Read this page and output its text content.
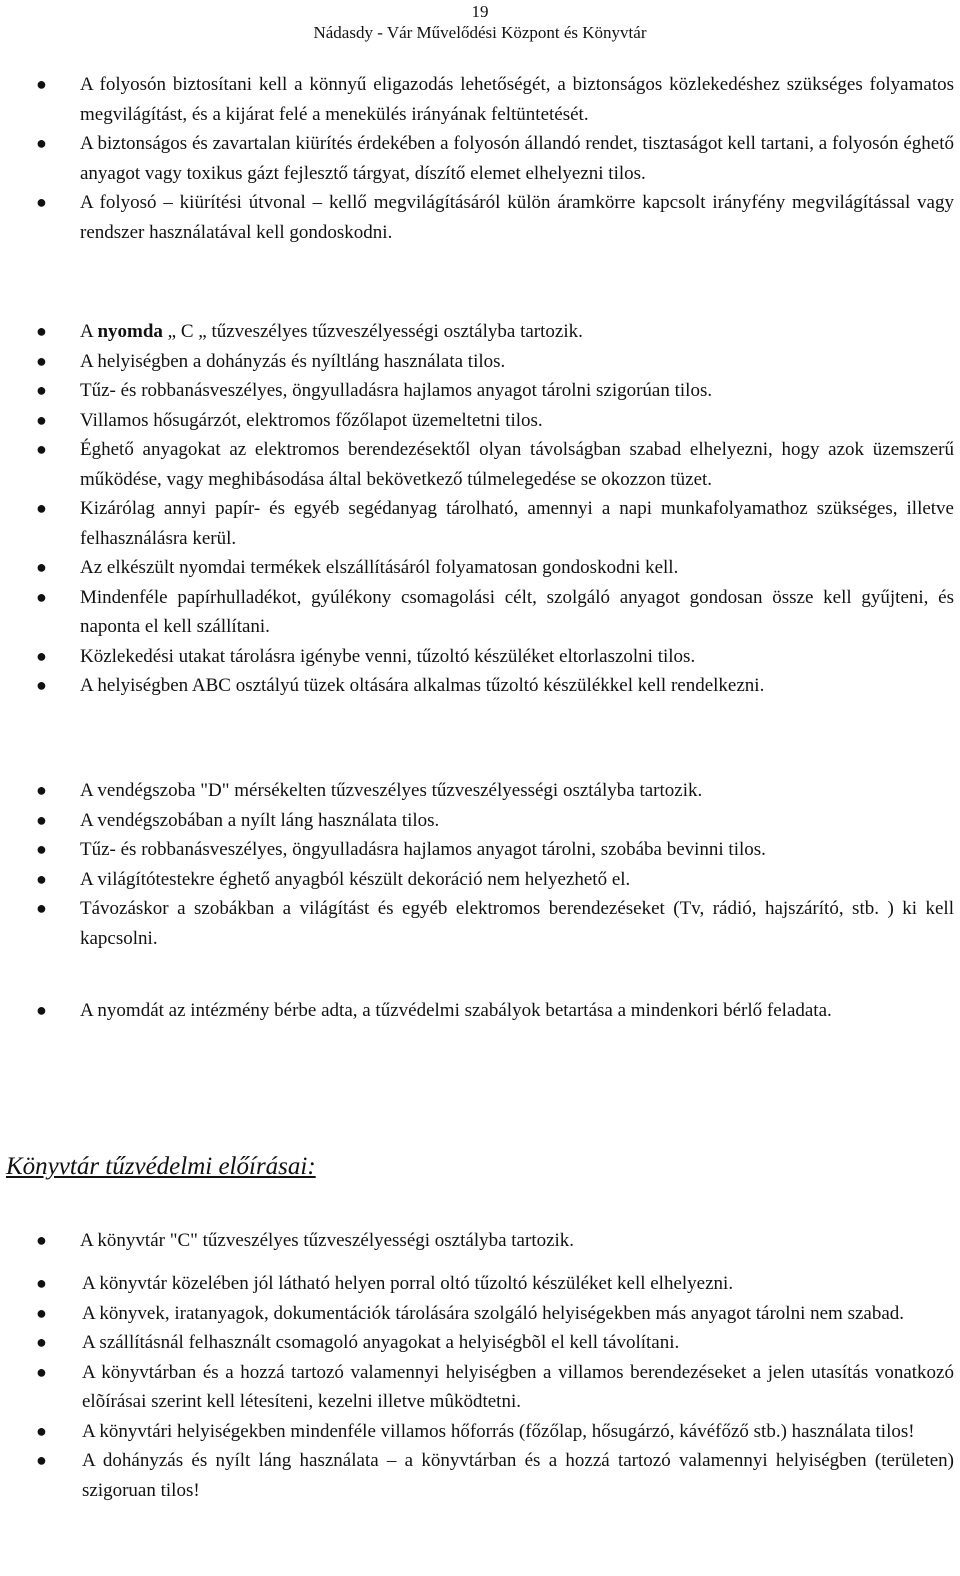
19
Nádasdy - Vár Művelődési Központ és Könyvtár
● A folyosón biztosítani kell a könnyű eligazodás lehetőségét, a biztonságos közlekedéshez szükséges folyamatos megvilágítást, és a kijárat felé a menekülés irányának feltüntetését.
● A biztonságos és zavartalan kiürítés érdekében a folyosón állandó rendet, tisztaságot kell tartani, a folyosón éghető anyagot vagy toxikus gázt fejlesztő tárgyat, díszítő elemet elhelyezni tilos.
● A folyosó – kiürítési útvonal – kellő megvilágításáról külön áramkörre kapcsolt irányfény megvilágítással vagy rendszer használatával kell gondoskodni.
● A nyomda „ C „ tűzveszélyes tűzveszélyességi osztályba tartozik.
● A helyiségben a dohányzás és nyíltláng használata tilos.
● Tűz- és robbanásveszélyes, öngyulladásra hajlamos anyagot tárolni szigorúan tilos.
● Villamos hősugárzót, elektromos főzőlapot üzemeltetni tilos.
● Éghető anyagokat az elektromos berendezésektől olyan távolságban szabad elhelyezni, hogy azok üzemszerű működése, vagy meghibásodása által bekövetkező túlmelegedése se okozzon tüzet.
● Kizárólag annyi papír- és egyéb segédanyag tárolható, amennyi a napi munkafolyamathoz szükséges, illetve felhasználásra kerül.
● Az elkészült nyomdai termékek elszállításáról folyamatosan gondoskodni kell.
● Mindenféle papírhulladékot, gyúlékony csomagolási célt, szolgáló anyagot gondosan össze kell gyűjteni, és naponta el kell szállítani.
● Közlekedési utakat tárolásra igénybe venni, tűzoltó készüléket eltorlaszolni tilos.
● A helyiségben ABC osztályú tüzek oltására alkalmas tűzoltó készülékkel kell rendelkezni.
● A vendégszoba "D" mérsékelten tűzveszélyes tűzveszélyességi osztályba tartozik.
● A vendégszobában a nyílt láng használata tilos.
● Tűz- és robbanásveszélyes, öngyulladásra hajlamos anyagot tárolni, szobába bevinni tilos.
● A világítótestekre éghető anyagból készült dekoráció nem helyezhető el.
● Távozáskor a szobákban a világítást és egyéb elektromos berendezéseket (Tv, rádió, hajszárító, stb. ) ki kell kapcsolni.
● A nyomdát az intézmény bérbe adta, a tűzvédelmi szabályok betartása a mindenkori bérlő feladata.
Könyvtár tűzvédelmi előírásai:
● A könyvtár "C" tűzveszélyes tűzveszélyességi osztályba tartozik.
● A könyvtár közelében jól látható helyen porral oltó tűzoltó készüléket kell elhelyezni.
● A könyvek, iratanyagok, dokumentációk tárolására szolgáló helyiségekben más anyagot tárolni nem szabad.
● A szállításnál felhasznált csomagoló anyagokat a helyiségbõl el kell távolítani.
● A könyvtárban és a hozzá tartozó valamennyi helyiségben a villamos berendezéseket a jelen utasítás vonatkozó elõírásai szerint kell létesíteni, kezelni illetve mûködtetni.
● A könyvtári helyiségekben mindenféle villamos hőforrás (főzőlap, hősugárzó, kávéfőző stb.) használata tilos!
● A dohányzás és nyílt láng használata – a könyvtárban és a hozzá tartozó valamennyi helyiségben (területen) szigoruan tilos!
